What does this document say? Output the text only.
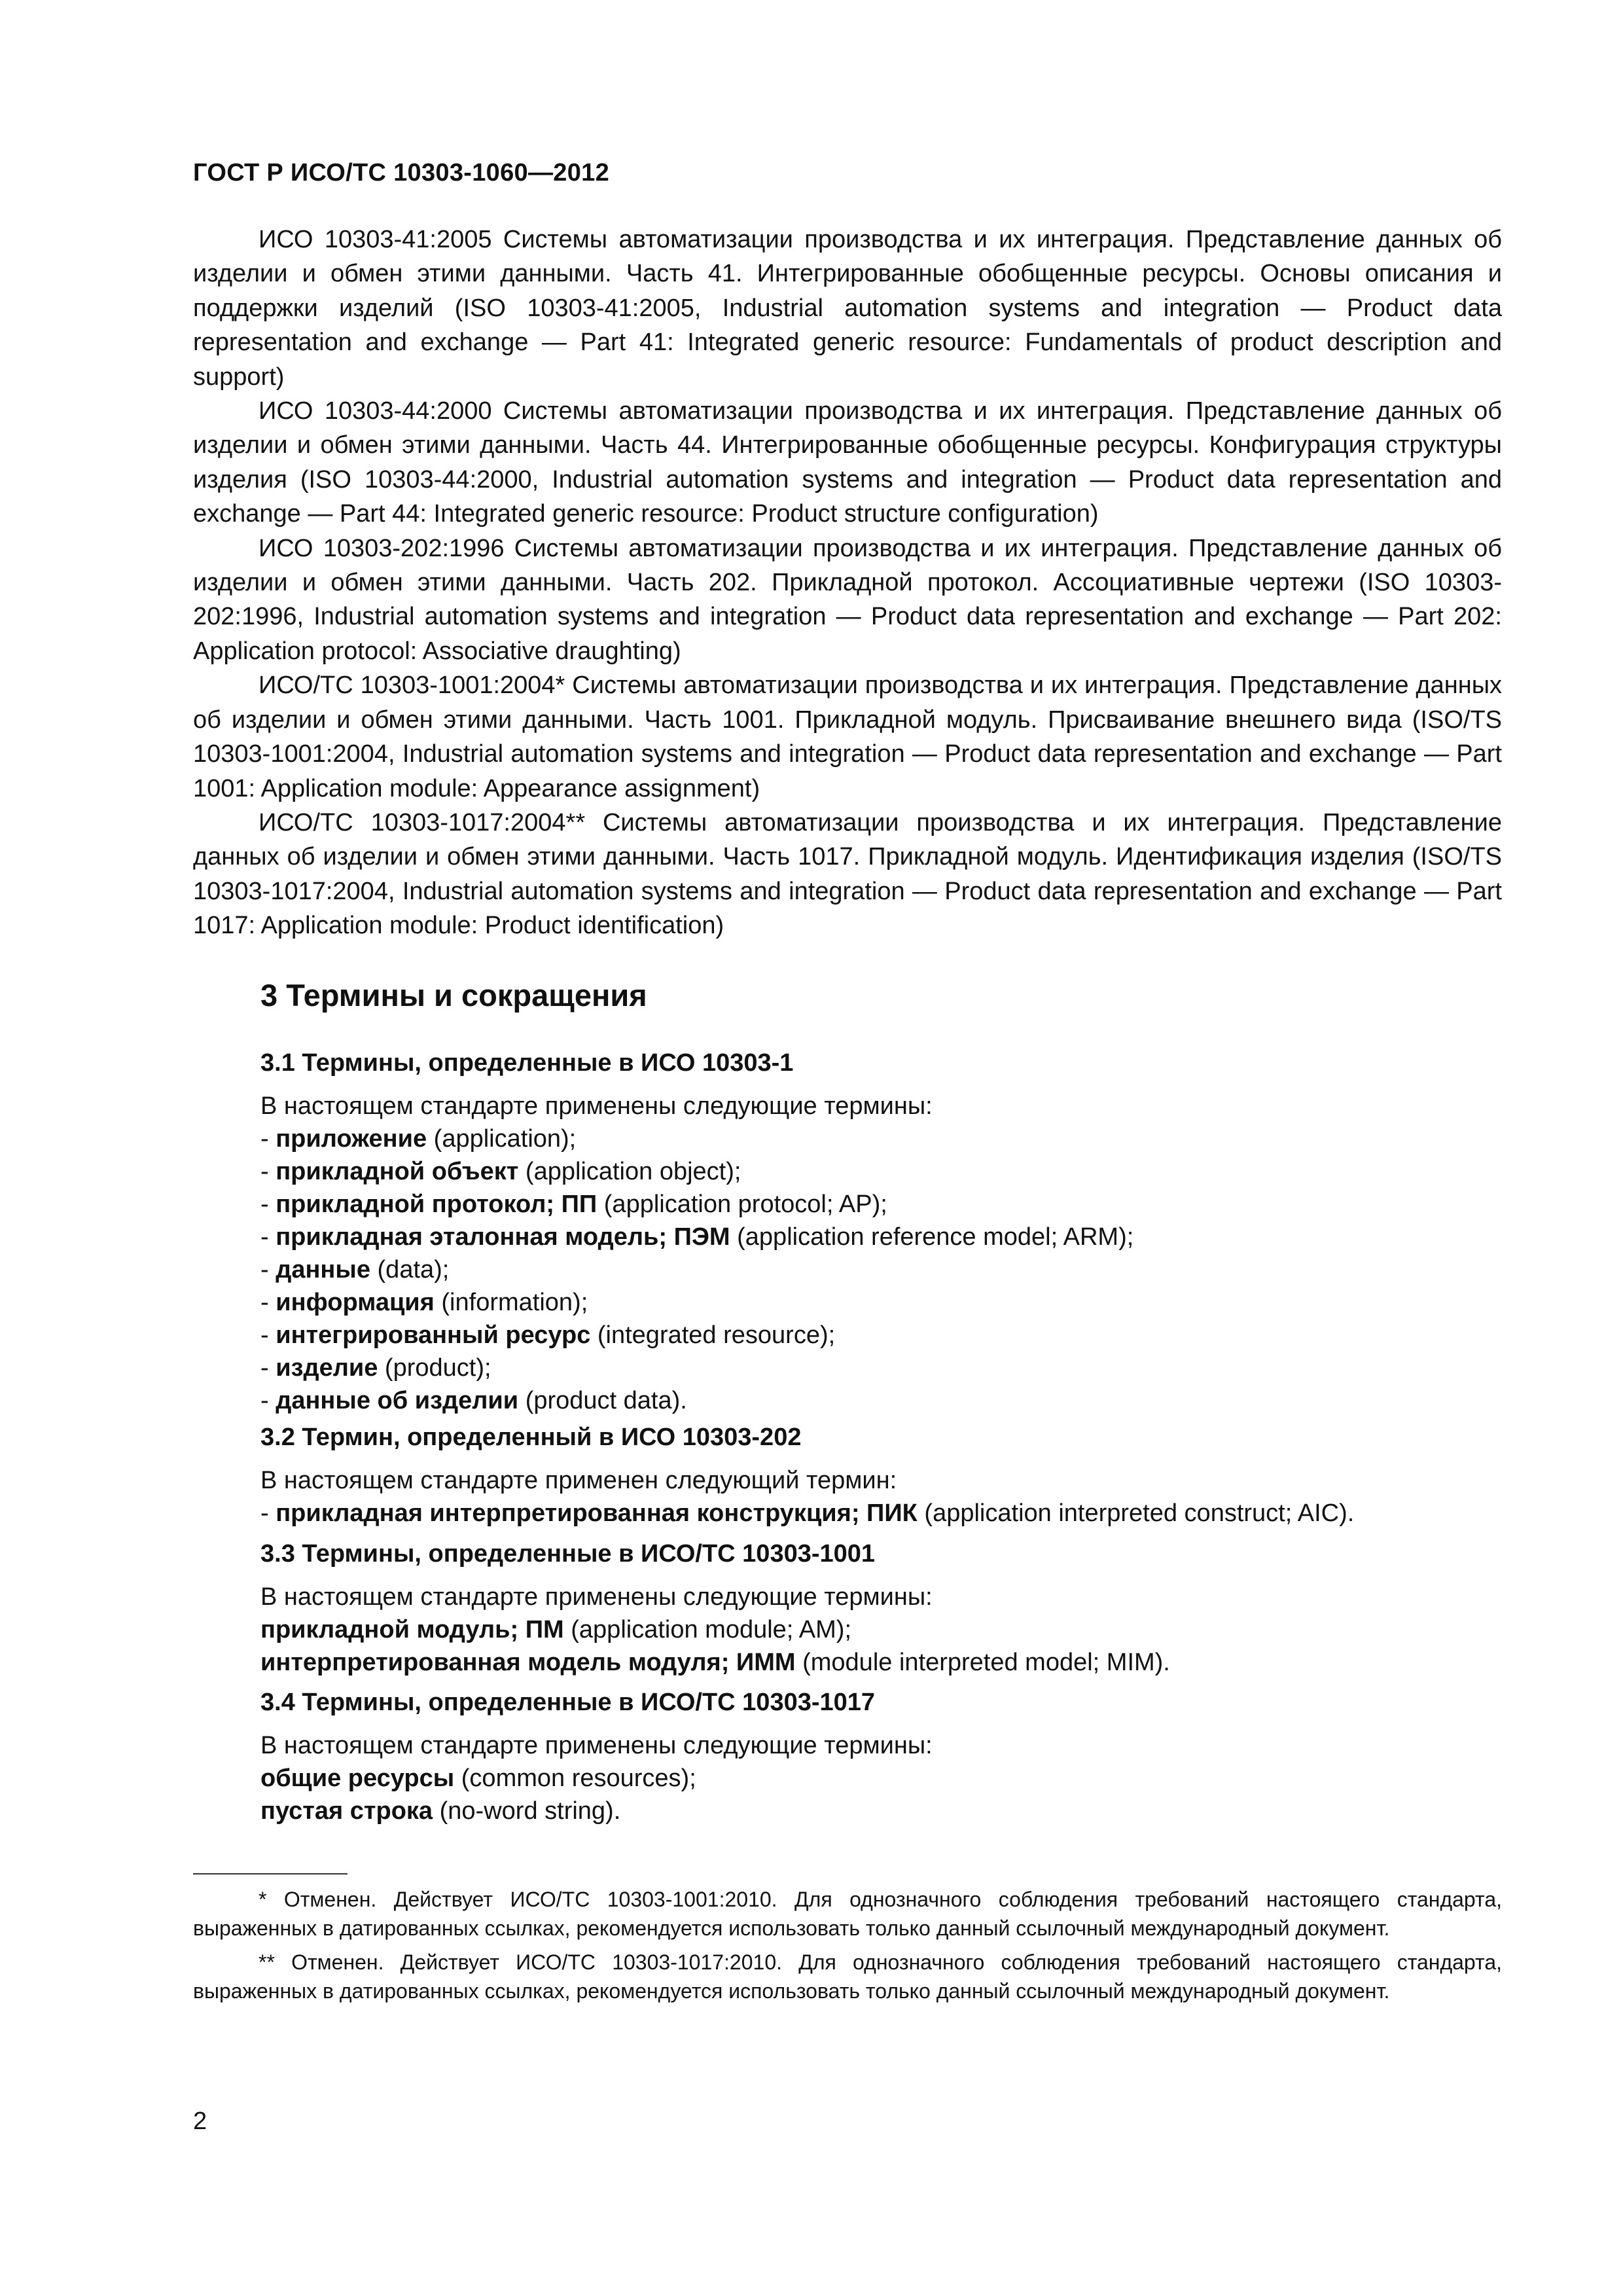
ГОСТ Р ИСО/ТС 10303-1060—2012

ИСО 10303-41:2005 Системы автоматизации производства и их интеграция. Представление данных об изделии и обмен этими данными. Часть 41. Интегрированные обобщенные ресурсы. Основы описания и поддержки изделий (ISO 10303-41:2005, Industrial automation systems and integration — Product data representation and exchange — Part 41: Integrated generic resource: Fundamentals of product description and support)

ИСО 10303-44:2000 Системы автоматизации производства и их интеграция. Представление данных об изделии и обмен этими данными. Часть 44. Интегрированные обобщенные ресурсы. Конфигурация структуры изделия (ISO 10303-44:2000, Industrial automation systems and integration — Product data representation and exchange — Part 44: Integrated generic resource: Product structure configuration)

ИСО 10303-202:1996 Системы автоматизации производства и их интеграция. Представление данных об изделии и обмен этими данными. Часть 202. Прикладной протокол. Ассоциативные чертежи (ISO 10303-202:1996, Industrial automation systems and integration — Product data representation and exchange — Part 202: Application protocol: Associative draughting)

ИСО/ТС 10303-1001:2004* Системы автоматизации производства и их интеграция. Представление данных об изделии и обмен этими данными. Часть 1001. Прикладной модуль. Присваивание внешнего вида (ISO/TS 10303-1001:2004, Industrial automation systems and integration — Product data representation and exchange — Part 1001: Application module: Appearance assignment)

ИСО/ТС 10303-1017:2004** Системы автоматизации производства и их интеграция. Представление данных об изделии и обмен этими данными. Часть 1017. Прикладной модуль. Идентификация изделия (ISO/TS 10303-1017:2004, Industrial automation systems and integration — Product data representation and exchange — Part 1017: Application module: Product identification)

3 Термины и сокращения
3.1 Термины, определенные в ИСО 10303-1
В настоящем стандарте применены следующие термины:
- приложение (application);
- прикладной объект (application object);
- прикладной протокол; ПП (application protocol; AP);
- прикладная эталонная модель; ПЭМ (application reference model; ARM);
- данные (data);
- информация (information);
- интегрированный ресурс (integrated resource);
- изделие (product);
- данные об изделии (product data).
3.2 Термин, определенный в ИСО 10303-202
В настоящем стандарте применен следующий термин:
- прикладная интерпретированная конструкция; ПИК (application interpreted construct; AIC).
3.3 Термины, определенные в ИСО/ТС 10303-1001
В настоящем стандарте применены следующие термины:
прикладной модуль; ПМ (application module; AM);
интерпретированная модель модуля; ИММ (module interpreted model; MIM).
3.4 Термины, определенные в ИСО/ТС 10303-1017
В настоящем стандарте применены следующие термины:
общие ресурсы (common resources);
пустая строка (no-word string).

* Отменен. Действует ИСО/ТС 10303-1001:2010. Для однозначного соблюдения требований настоящего стандарта, выраженных в датированных ссылках, рекомендуется использовать только данный ссылочный международный документ.

** Отменен. Действует ИСО/ТС 10303-1017:2010. Для однозначного соблюдения требований настоящего стандарта, выраженных в датированных ссылках, рекомендуется использовать только данный ссылочный международный документ.

2
